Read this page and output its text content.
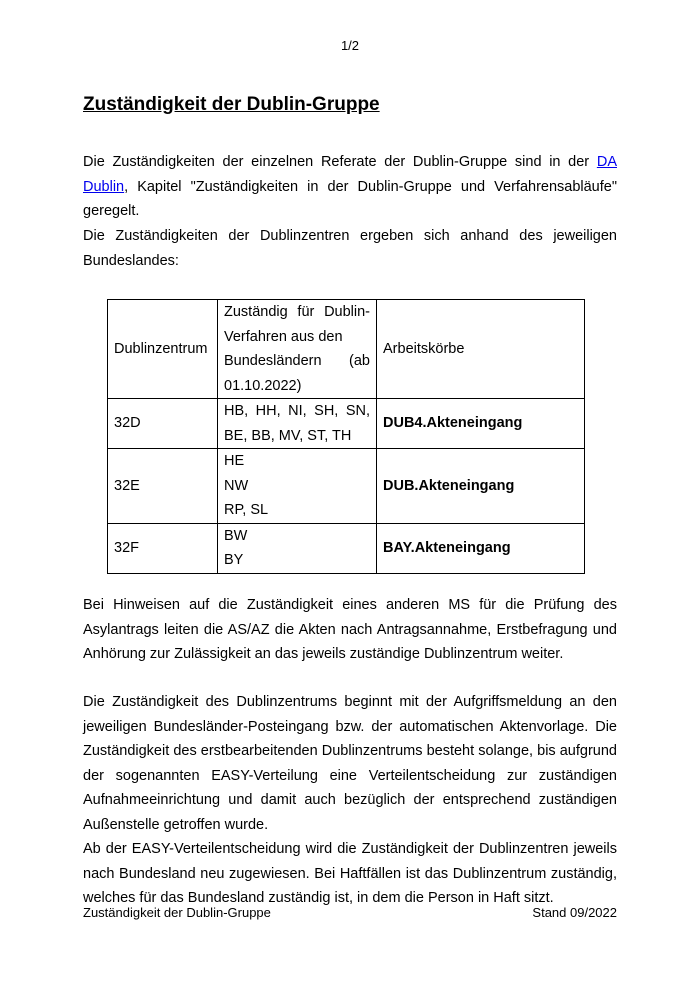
1/2
Zuständigkeit der Dublin-Gruppe

Die Zuständigkeiten der einzelnen Referate der Dublin-Gruppe sind in der DA Dublin, Kapitel "Zuständigkeiten in der Dublin-Gruppe und Verfahrensabläufe" geregelt.

Die Zuständigkeiten der Dublinzentren ergeben sich anhand des jeweiligen Bundeslandes:

Dublinzentrum	Zuständig für Dublin-
Verfahren aus den
Bundesländern (ab
01.10.2022)	Arbeitskörbe
32D	HB, HH, NI, SH, SN,
BE, BB, MV, ST, TH	DUB4.Akteneingang
32E	HE
NW
RP, SL	DUB.Akteneingang
32F	BW
BY	BAY.Akteneingang

Bei Hinweisen auf die Zuständigkeit eines anderen MS für die Prüfung des Asylantrags leiten die AS/AZ die Akten nach Antragsannahme, Erstbefragung und Anhörung zur Zulässigkeit an das jeweils zuständige Dublinzentrum weiter.

Die Zuständigkeit des Dublinzentrums beginnt mit der Aufgriffsmeldung an den jeweiligen Bundesländer-Posteingang bzw. der automatischen Aktenvorlage. Die Zuständigkeit des erstbearbeitenden Dublinzentrums besteht solange, bis aufgrund der sogenannten EASY-Verteilung eine Verteilentscheidung zur zuständigen Aufnahmeeinrichtung und damit auch bezüglich der entsprechend zuständigen Außenstelle getroffen wurde.

Ab der EASY-Verteilentscheidung wird die Zuständigkeit der Dublinzentren jeweils nach Bundesland neu zugewiesen. Bei Haftfällen ist das Dublinzentrum zuständig, welches für das Bundesland zuständig ist, in dem die Person in Haft sitzt.

Zuständigkeit der Dublin-Gruppe	Stand 09/2022
